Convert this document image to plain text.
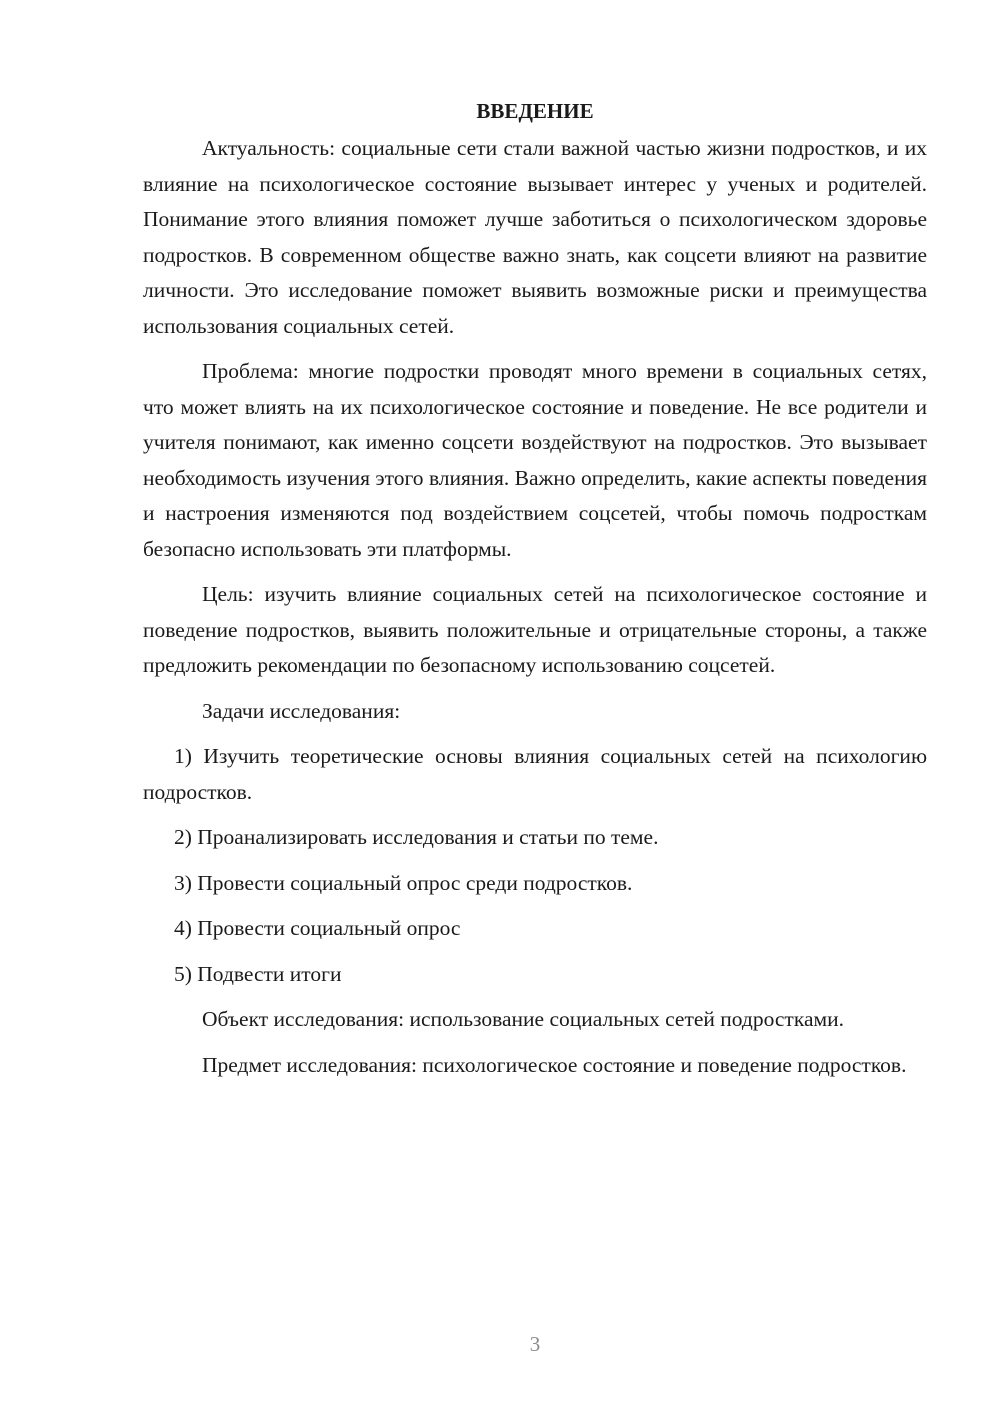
ВВЕДЕНИЕ

Актуальность: социальные сети стали важной частью жизни подростков, и их влияние на психологическое состояние вызывает интерес у ученых и родителей. Понимание этого влияния поможет лучше заботиться о психологическом здоровье подростков. В современном обществе важно знать, как соцсети влияют на развитие личности. Это исследование поможет выявить возможные риски и преимущества использования социальных сетей.

Проблема: многие подростки проводят много времени в социальных сетях, что может влиять на их психологическое состояние и поведение. Не все родители и учителя понимают, как именно соцсети воздействуют на подростков. Это вызывает необходимость изучения этого влияния. Важно определить, какие аспекты поведения и настроения изменяются под воздействием соцсетей, чтобы помочь подросткам безопасно использовать эти платформы.

Цель: изучить влияние социальных сетей на психологическое состояние и поведение подростков, выявить положительные и отрицательные стороны, а также предложить рекомендации по безопасному использованию соцсетей.

Задачи исследования:

1) Изучить теоретические основы влияния социальных сетей на психологию подростков.

2) Проанализировать исследования и статьи по теме.

3) Провести социальный опрос среди подростков.

4) Провести социальный опрос

5) Подвести итоги

Объект исследования: использование социальных сетей подростками.

Предмет исследования: психологическое состояние и поведение подростков.

3
